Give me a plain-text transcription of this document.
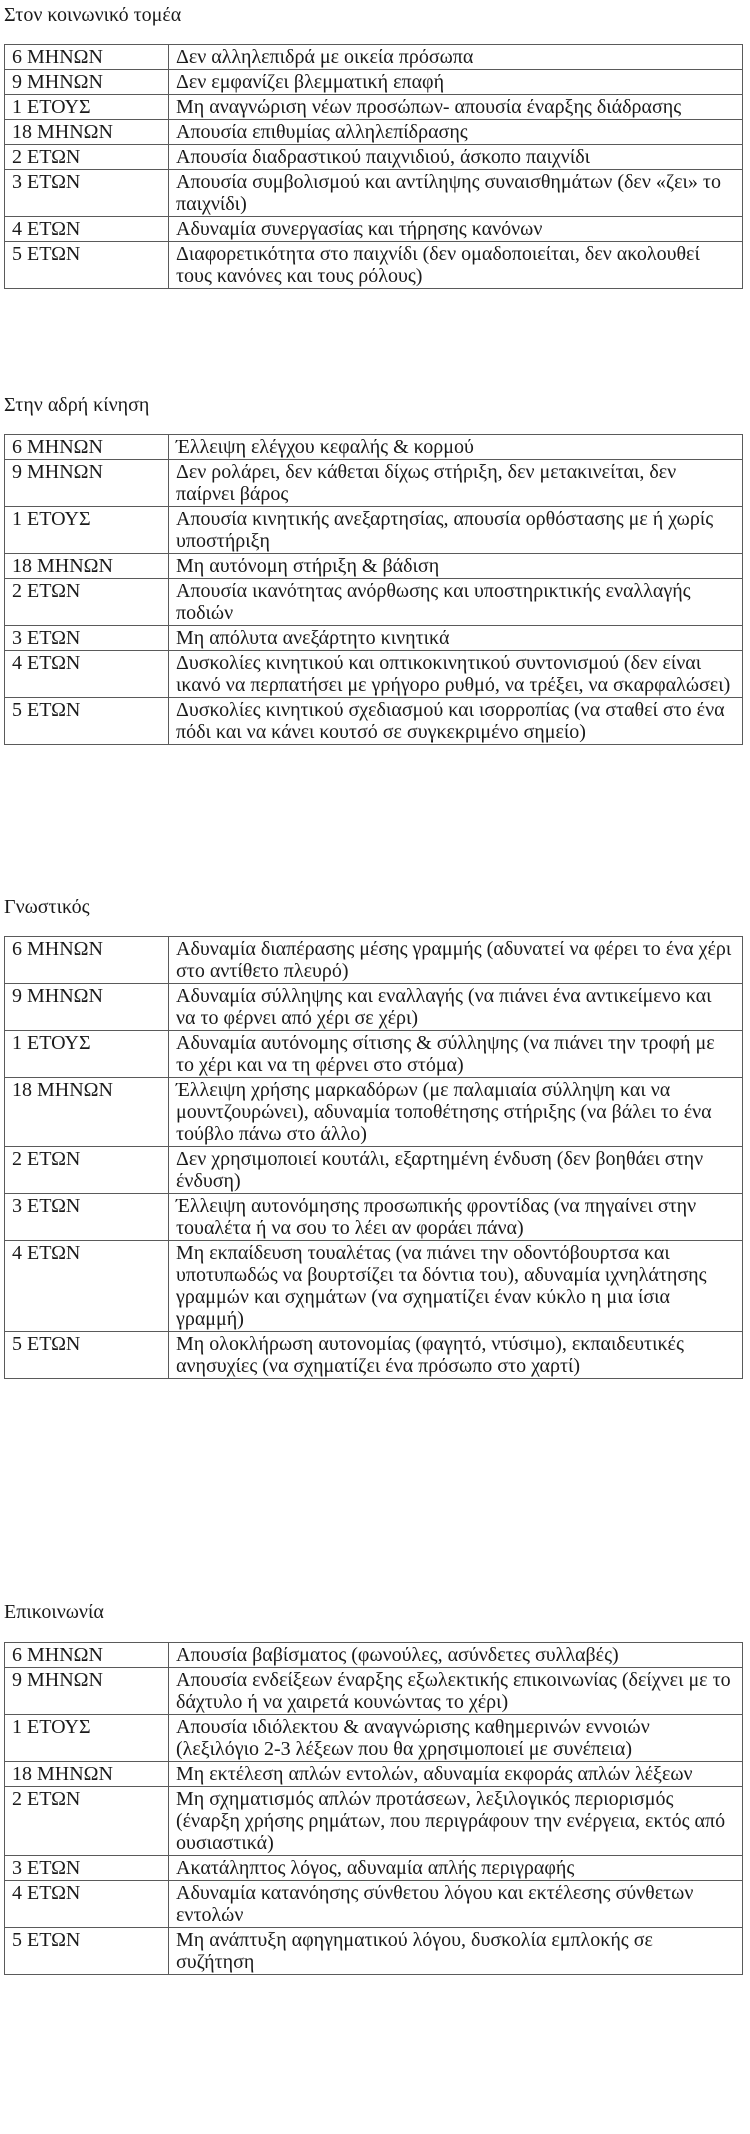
Στον κοινωνικό τομέα
6 ΜΗΝΩΝ	Δεν αλληλεπιδρά με οικεία πρόσωπα
9 ΜΗΝΩΝ	Δεν εμφανίζει βλεμματική επαφή
1 ΕΤΟΥΣ	Μη αναγνώριση νέων προσώπων- απουσία έναρξης διάδρασης
18 ΜΗΝΩΝ	Απουσία επιθυμίας αλληλεπίδρασης
2 ΕΤΩΝ	Απουσία διαδραστικού παιχνιδιού, άσκοπο παιχνίδι
3 ΕΤΩΝ	Απουσία συμβολισμού και αντίληψης συναισθημάτων (δεν «ζει» το παιχνίδι)
4 ΕΤΩΝ	Αδυναμία συνεργασίας και τήρησης κανόνων
5 ΕΤΩΝ	Διαφορετικότητα στο παιχνίδι (δεν ομαδοποιείται, δεν ακολουθεί τους κανόνες και τους ρόλους)
Στην αδρή κίνηση
6 ΜΗΝΩΝ	Έλλειψη ελέγχου κεφαλής & κορμού
9 ΜΗΝΩΝ	Δεν ρολάρει, δεν κάθεται δίχως στήριξη, δεν μετακινείται, δεν παίρνει βάρος
1 ΕΤΟΥΣ	Απουσία κινητικής ανεξαρτησίας, απουσία ορθόστασης με ή χωρίς υποστήριξη
18 ΜΗΝΩΝ	Μη αυτόνομη στήριξη & βάδιση
2 ΕΤΩΝ	Απουσία ικανότητας ανόρθωσης και υποστηρικτικής εναλλαγής ποδιών
3 ΕΤΩΝ	Μη απόλυτα ανεξάρτητο κινητικά
4 ΕΤΩΝ	Δυσκολίες κινητικού και οπτικοκινητικού συντονισμού (δεν είναι ικανό να περπατήσει με γρήγορο ρυθμό, να τρέξει, να σκαρφαλώσει)
5 ΕΤΩΝ	Δυσκολίες κινητικού σχεδιασμού και ισορροπίας (να σταθεί στο ένα πόδι και να κάνει κουτσό σε συγκεκριμένο σημείο)
Γνωστικός
6 ΜΗΝΩΝ	Αδυναμία διαπέρασης μέσης γραμμής (αδυνατεί να φέρει το ένα χέρι στο αντίθετο πλευρό)
9 ΜΗΝΩΝ	Αδυναμία σύλληψης και εναλλαγής (να πιάνει ένα αντικείμενο και να το φέρνει από χέρι σε χέρι)
1 ΕΤΟΥΣ	Αδυναμία αυτόνομης σίτισης & σύλληψης (να πιάνει την τροφή με το χέρι και να τη φέρνει στο στόμα)
18 ΜΗΝΩΝ	Έλλειψη χρήσης μαρκαδόρων (με παλαμιαία σύλληψη και να μουντζουρώνει), αδυναμία τοποθέτησης στήριξης (να βάλει το ένα τούβλο πάνω στο άλλο)
2 ΕΤΩΝ	Δεν χρησιμοποιεί κουτάλι, εξαρτημένη ένδυση (δεν βοηθάει στην ένδυση)
3 ΕΤΩΝ	Έλλειψη αυτονόμησης προσωπικής φροντίδας (να πηγαίνει στην τουαλέτα ή να σου το λέει αν φοράει πάνα)
4 ΕΤΩΝ	Μη εκπαίδευση τουαλέτας (να πιάνει την οδοντόβουρτσα και υποτυπωδώς να βουρτσίζει τα δόντια του), αδυναμία ιχνηλάτησης γραμμών και σχημάτων (να σχηματίζει έναν κύκλο η μια ίσια γραμμή)
5 ΕΤΩΝ	Μη ολοκλήρωση αυτονομίας (φαγητό, ντύσιμο), εκπαιδευτικές ανησυχίες (να σχηματίζει ένα πρόσωπο στο χαρτί)
Επικοινωνία
6 ΜΗΝΩΝ	Απουσία βαβίσματος (φωνούλες, ασύνδετες συλλαβές)
9 ΜΗΝΩΝ	Απουσία ενδείξεων έναρξης εξωλεκτικής επικοινωνίας (δείχνει με το δάχτυλο ή να χαιρετά κουνώντας το χέρι)
1 ΕΤΟΥΣ	Απουσία ιδιόλεκτου & αναγνώρισης καθημερινών εννοιών (λεξιλόγιο 2-3 λέξεων που θα χρησιμοποιεί με συνέπεια)
18 ΜΗΝΩΝ	Μη εκτέλεση απλών εντολών, αδυναμία εκφοράς απλών λέξεων
2 ΕΤΩΝ	Μη σχηματισμός απλών προτάσεων, λεξιλογικός περιορισμός (έναρξη χρήσης ρημάτων, που περιγράφουν την ενέργεια, εκτός από ουσιαστικά)
3 ΕΤΩΝ	Ακατάληπτος λόγος, αδυναμία απλής περιγραφής
4 ΕΤΩΝ	Αδυναμία κατανόησης σύνθετου λόγου και εκτέλεσης σύνθετων εντολών
5 ΕΤΩΝ	Μη ανάπτυξη αφηγηματικού λόγου, δυσκολία εμπλοκής σε συζήτηση
